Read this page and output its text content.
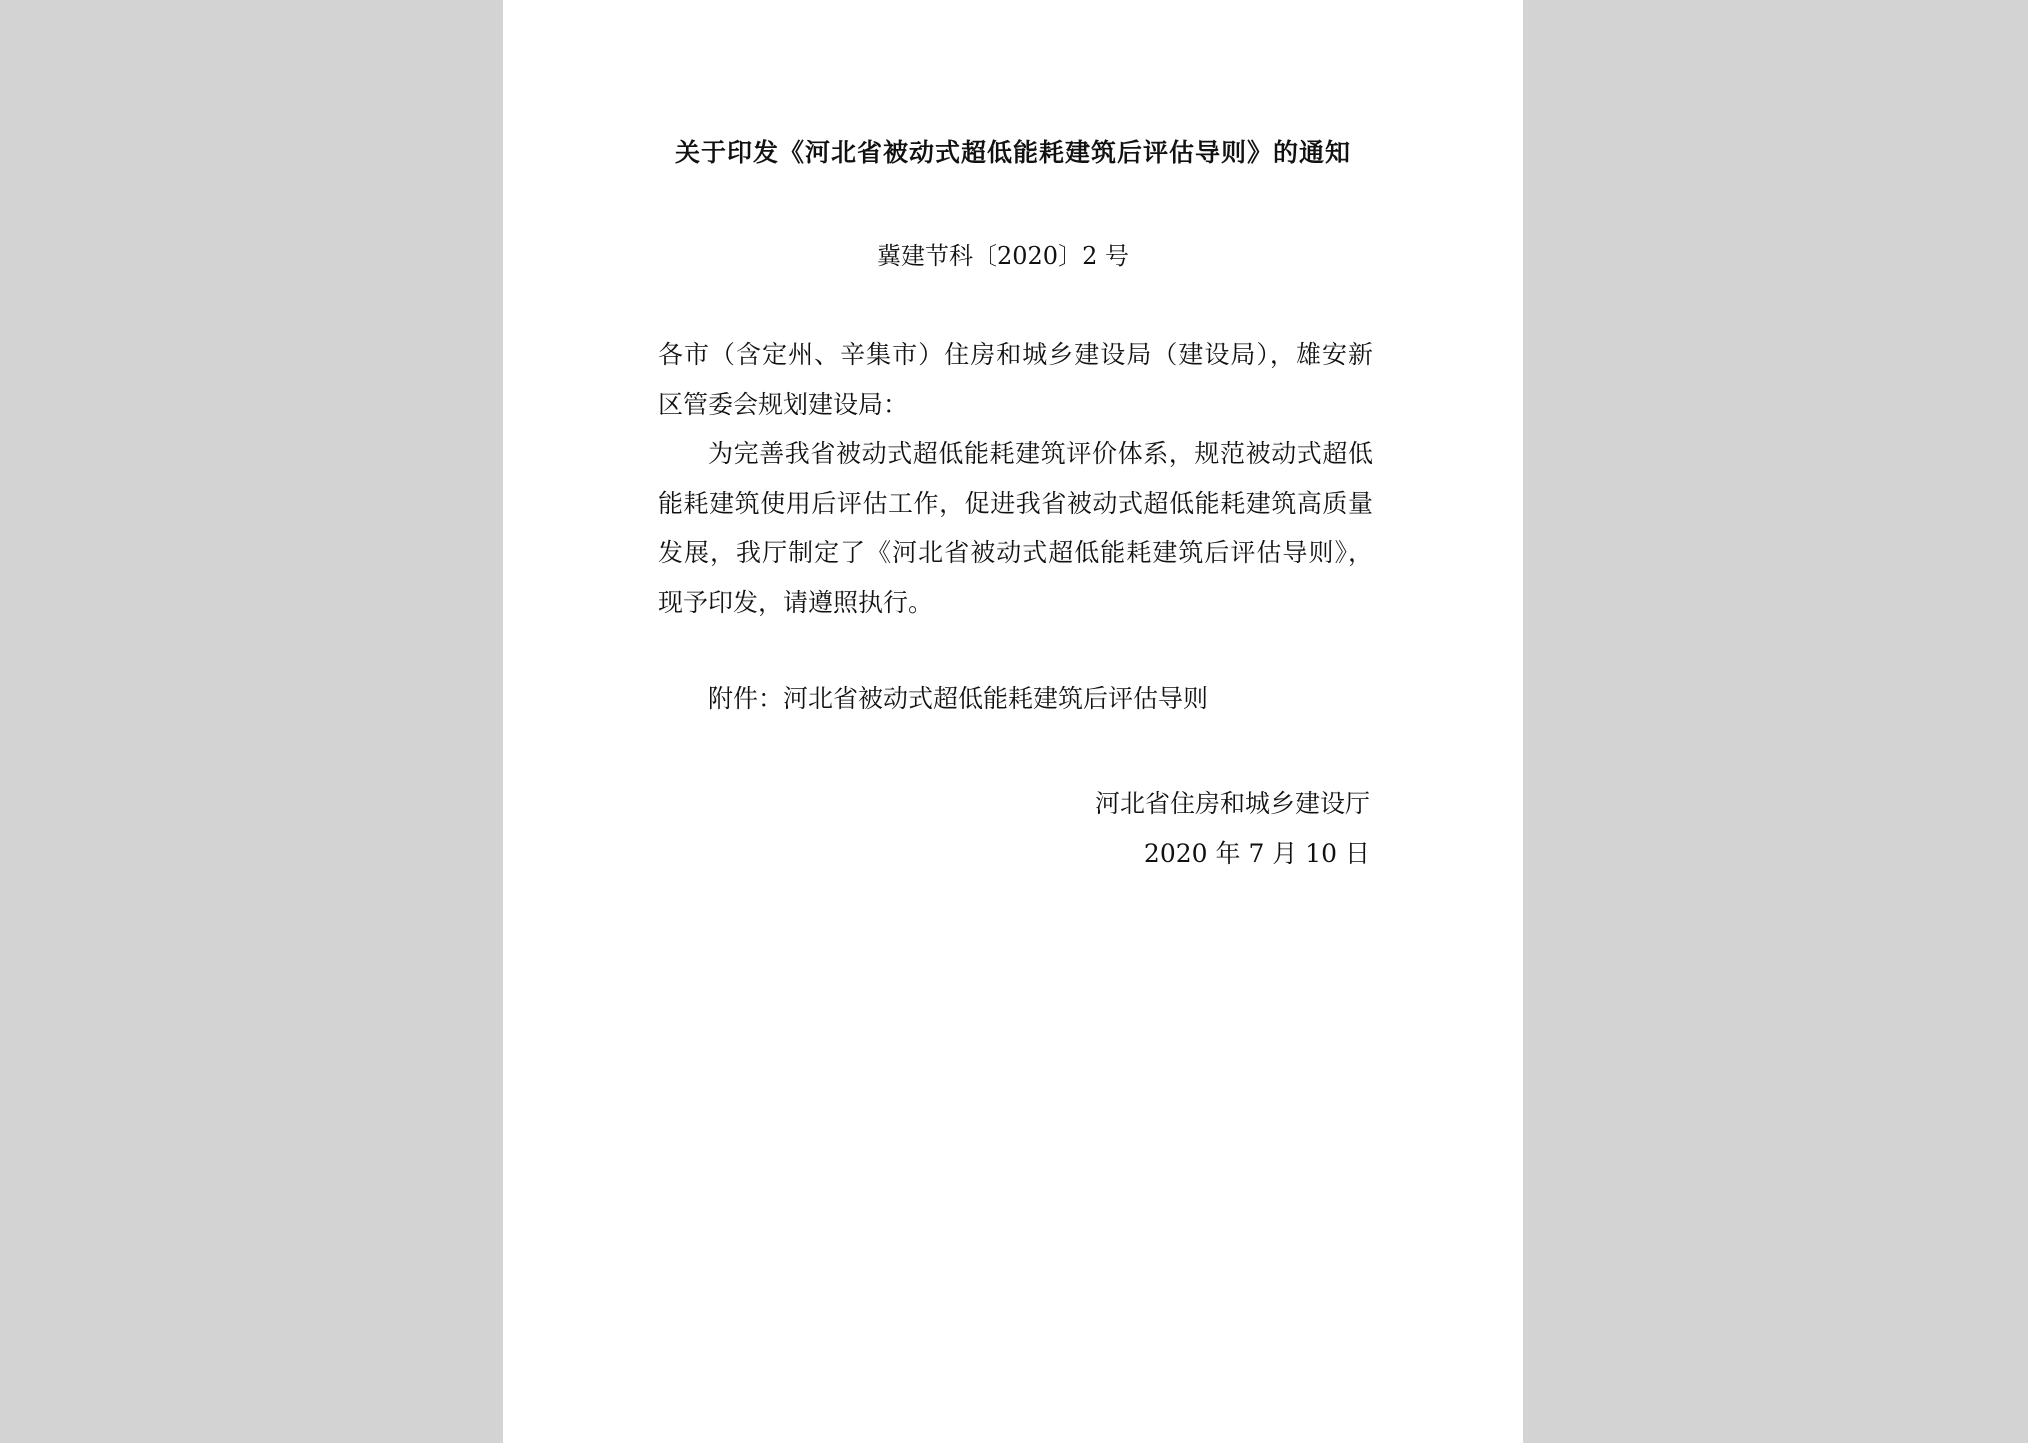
关于印发《河北省被动式超低能耗建筑后评估导则》的通知
冀建节科〔2020〕2 号
各市（含定州、辛集市）住房和城乡建设局（建设局），雄安新
区管委会规划建设局：
为完善我省被动式超低能耗建筑评价体系，规范被动式超低
能耗建筑使用后评估工作，促进我省被动式超低能耗建筑高质量
发展，我厅制定了《河北省被动式超低能耗建筑后评估导则》，
现予印发，请遵照执行。
附件：河北省被动式超低能耗建筑后评估导则
河北省住房和城乡建设厅
2020 年 7 月 10 日
